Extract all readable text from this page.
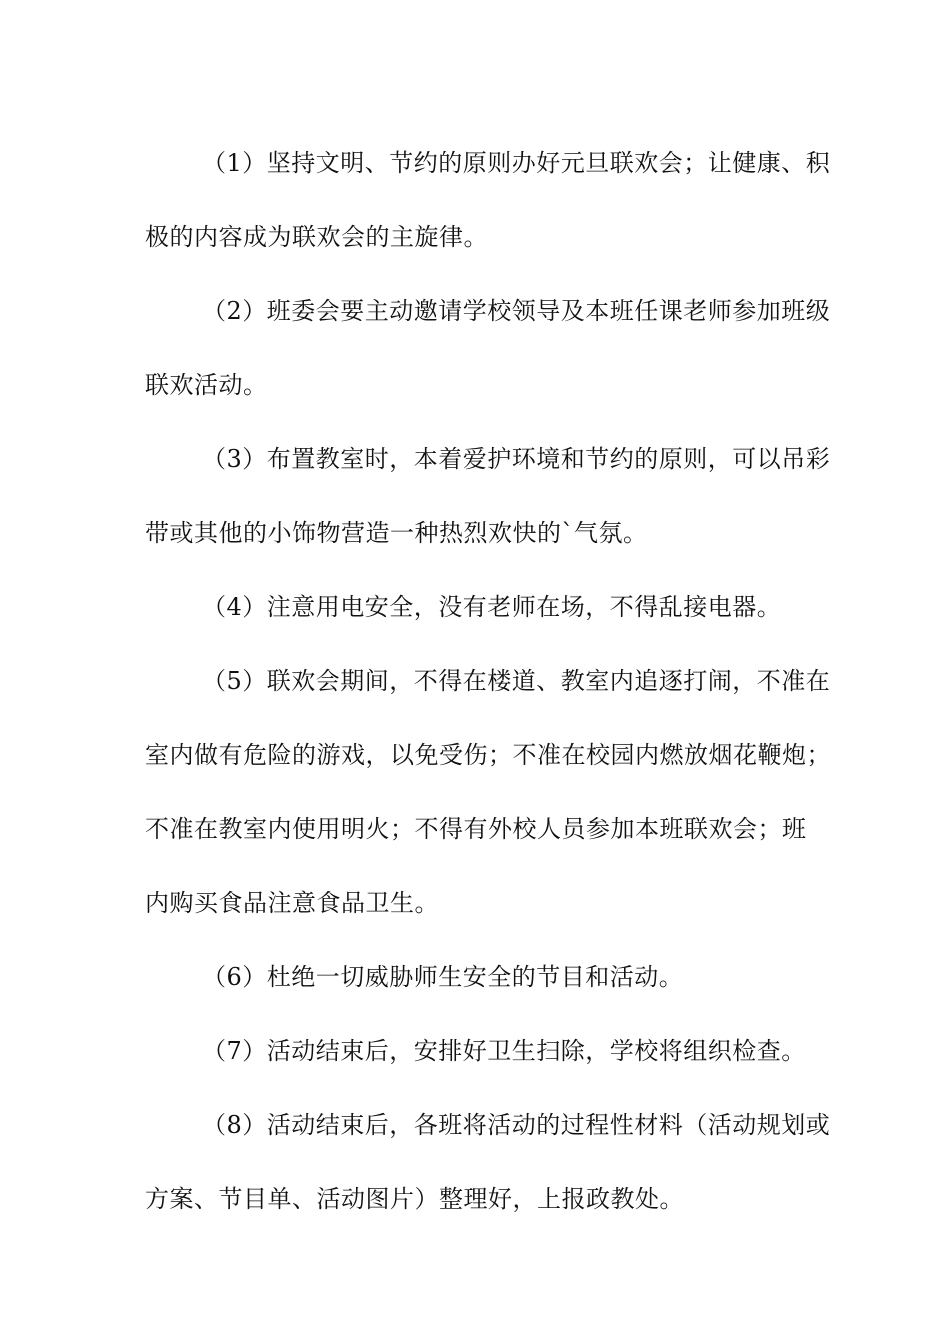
（1）坚持文明、节约的原则办好元旦联欢会；让健康、积
极的内容成为联欢会的主旋律。

（2）班委会要主动邀请学校领导及本班任课老师参加班级
联欢活动。

（3）布置教室时，本着爱护环境和节约的原则，可以吊彩
带或其他的小饰物营造一种热烈欢快的`气氛。

（4）注意用电安全，没有老师在场，不得乱接电器。

（5）联欢会期间，不得在楼道、教室内追逐打闹，不准在
室内做有危险的游戏，以免受伤；不准在校园内燃放烟花鞭炮；
不准在教室内使用明火；不得有外校人员参加本班联欢会；班
内购买食品注意食品卫生。

（6）杜绝一切威胁师生安全的节目和活动。

（7）活动结束后，安排好卫生扫除，学校将组织检查。

（8）活动结束后，各班将活动的过程性材料（活动规划或
方案、节目单、活动图片）整理好，上报政教处。
